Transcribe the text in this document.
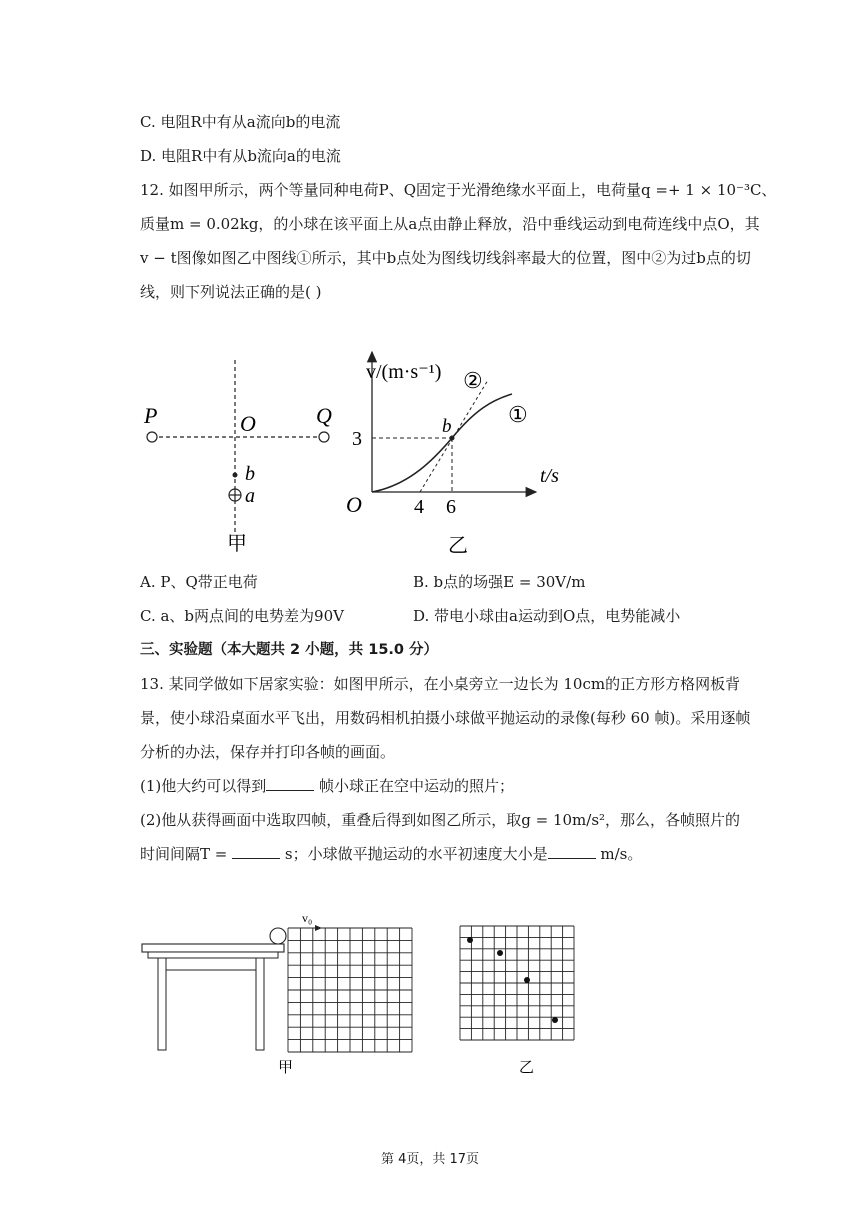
C. 电阻R中有从a流向b的电流
D. 电阻R中有从b流向a的电流
12. 如图甲所示，两个等量同种电荷P、Q固定于光滑绝缘水平面上，电荷量q =+ 1 × 10⁻³C、
质量m = 0.02kg，的小球在该平面上从a点由静止释放，沿中垂线运动到电荷连线中点O，其
v − t图像如图乙中图线①所示，其中b点处为图线切线斜率最大的位置，图中②为过b点的切
线，则下列说法正确的是( )
P	O	Q
b
a
甲
v/(m·s⁻¹)
t/s
O
3
4 6
b	①
②
乙
A. P、Q带正电荷	B. b点的场强E = 30V/m
C. a、b两点间的电势差为90V	D. 带电小球由a运动到O点，电势能减小
三、实验题（本大题共 2 小题，共 15.0 分）
13. 某同学做如下居家实验：如图甲所示，在小桌旁立一边长为 10cm的正方形方格网板背
景，使小球沿桌面水平飞出，用数码相机拍摄小球做平抛运动的录像(每秒 60 帧)。采用逐帧
分析的办法，保存并打印各帧的画面。
(1)他大约可以得到	帧小球正在空中运动的照片；
(2)他从获得画面中选取四帧，重叠后得到如图乙所示，取g = 10m/s²，那么，各帧照片的
时间间隔T =	s；小球做平抛运动的水平初速度大小是	m/s。
v₀
甲	乙
第 4页，共 17页
